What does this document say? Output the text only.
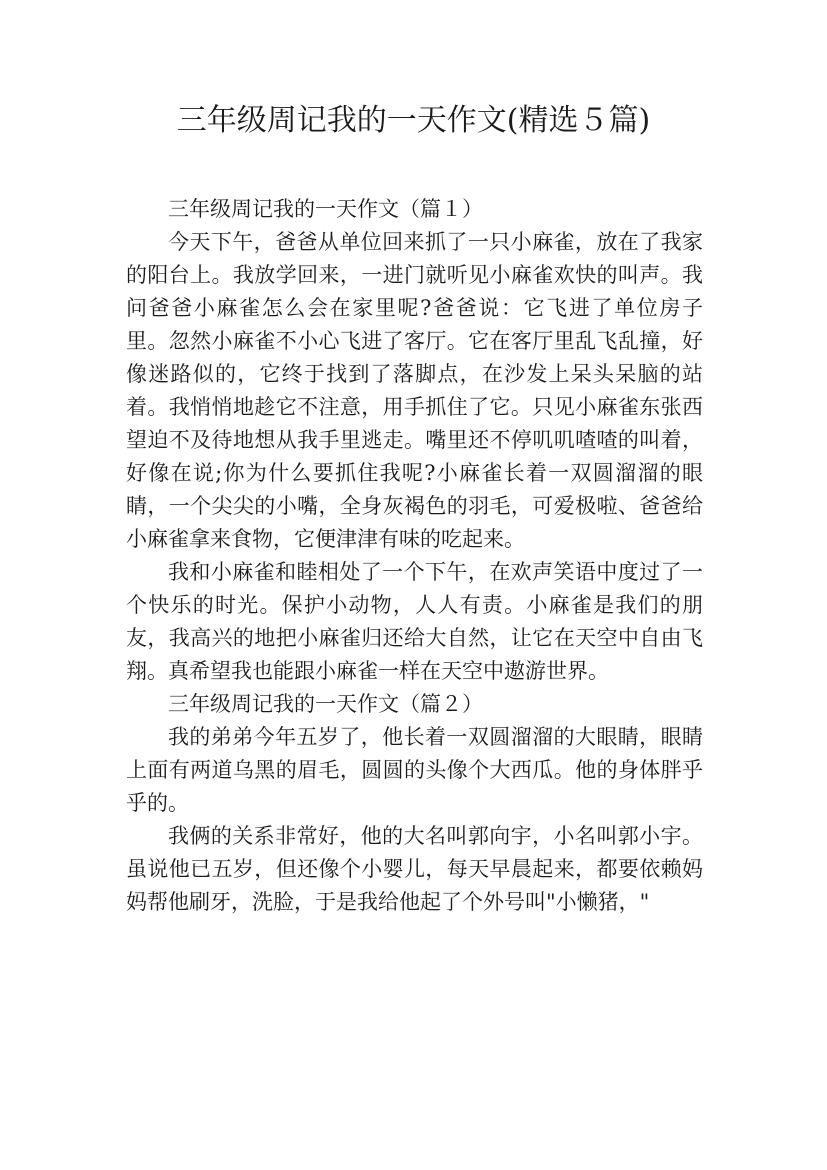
三年级周记我的一天作文(精选５篇)

三年级周记我的一天作文（篇１）

今天下午，爸爸从单位回来抓了一只小麻雀，放在了我家的阳台上。我放学回来，一进门就听见小麻雀欢快的叫声。我问爸爸小麻雀怎么会在家里呢?爸爸说：它飞进了单位房子里。忽然小麻雀不小心飞进了客厅。它在客厅里乱飞乱撞，好像迷路似的，它终于找到了落脚点，在沙发上呆头呆脑的站着。我悄悄地趁它不注意，用手抓住了它。只见小麻雀东张西望迫不及待地想从我手里逃走。嘴里还不停叽叽喳喳的叫着，好像在说;你为什么要抓住我呢?小麻雀长着一双圆溜溜的眼睛，一个尖尖的小嘴，全身灰褐色的羽毛，可爱极啦、爸爸给小麻雀拿来食物，它便津津有味的吃起来。

我和小麻雀和睦相处了一个下午，在欢声笑语中度过了一个快乐的时光。保护小动物，人人有责。小麻雀是我们的朋友，我高兴的地把小麻雀归还给大自然，让它在天空中自由飞翔。真希望我也能跟小麻雀一样在天空中遨游世界。

三年级周记我的一天作文（篇２）

我的弟弟今年五岁了，他长着一双圆溜溜的大眼睛，眼睛上面有两道乌黑的眉毛，圆圆的头像个大西瓜。他的身体胖乎乎的。

我俩的关系非常好，他的大名叫郭向宇，小名叫郭小宇。虽说他已五岁，但还像个小婴儿，每天早晨起来，都要依赖妈妈帮他刷牙，洗脸，于是我给他起了个外号叫"小懒猪，"
